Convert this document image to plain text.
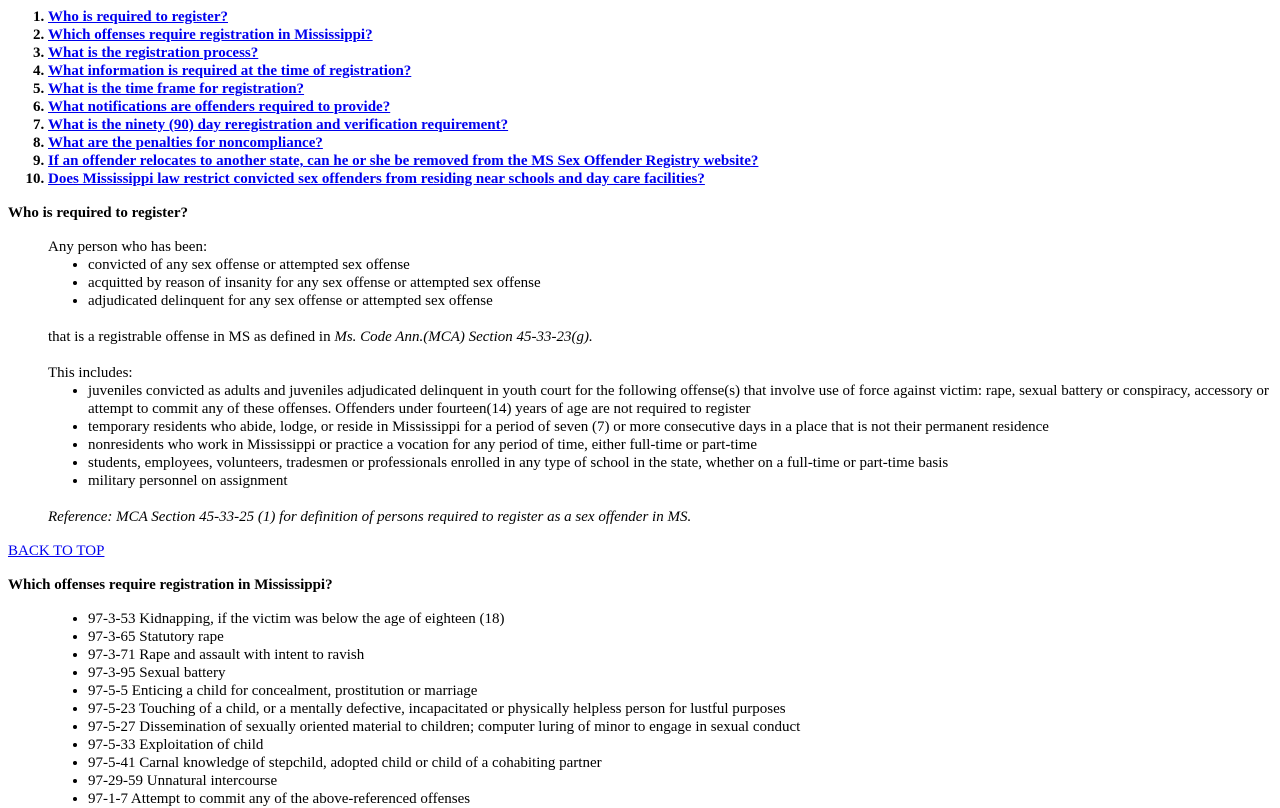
1. Who is required to register?
2. Which offenses require registration in Mississippi?
3. What is the registration process?
4. What information is required at the time of registration?
5. What is the time frame for registration?
6. What notifications are offenders required to provide?
7. What is the ninety (90) day reregistration and verification requirement?
8. What are the penalties for noncompliance?
9. If an offender relocates to another state, can he or she be removed from the MS Sex Offender Registry website?
10. Does Mississippi law restrict convicted sex offenders from residing near schools and day care facilities?
Who is required to register?

Any person who has been:

• convicted of any sex offense or attempted sex offense
• acquitted by reason of insanity for any sex offense or attempted sex offense
• adjudicated delinquent for any sex offense or attempted sex offense

that is a registrable offense in MS as defined in Ms. Code Ann.(MCA) Section 45-33-23(g).

This includes:

• juveniles convicted as adults and juveniles adjudicated delinquent in youth court for the following offense(s) that involve use of force against victim: rape, sexual battery or conspiracy, accessory or attempt to commit any of these offenses. Offenders under fourteen(14) years of age are not required to register
• temporary residents who abide, lodge, or reside in Mississippi for a period of seven (7) or more consecutive days in a place that is not their permanent residence
• nonresidents who work in Mississippi or practice a vocation for any period of time, either full-time or part-time
• students, employees, volunteers, tradesmen or professionals enrolled in any type of school in the state, whether on a full-time or part-time basis
• military personnel on assignment

Reference: MCA Section 45-33-25 (1) for definition of persons required to register as a sex offender in MS.

BACK TO TOP
Which offenses require registration in Mississippi?
• 97-3-53 Kidnapping, if the victim was below the age of eighteen (18)
• 97-3-65 Statutory rape
• 97-3-71 Rape and assault with intent to ravish
• 97-3-95 Sexual battery
• 97-5-5 Enticing a child for concealment, prostitution or marriage
• 97-5-23 Touching of a child, or a mentally defective, incapacitated or physically helpless person for lustful purposes
• 97-5-27 Dissemination of sexually oriented material to children; computer luring of minor to engage in sexual conduct
• 97-5-33 Exploitation of child
• 97-5-41 Carnal knowledge of stepchild, adopted child or child of a cohabiting partner
• 97-29-59 Unnatural intercourse
• 97-1-7 Attempt to commit any of the above-referenced offenses
